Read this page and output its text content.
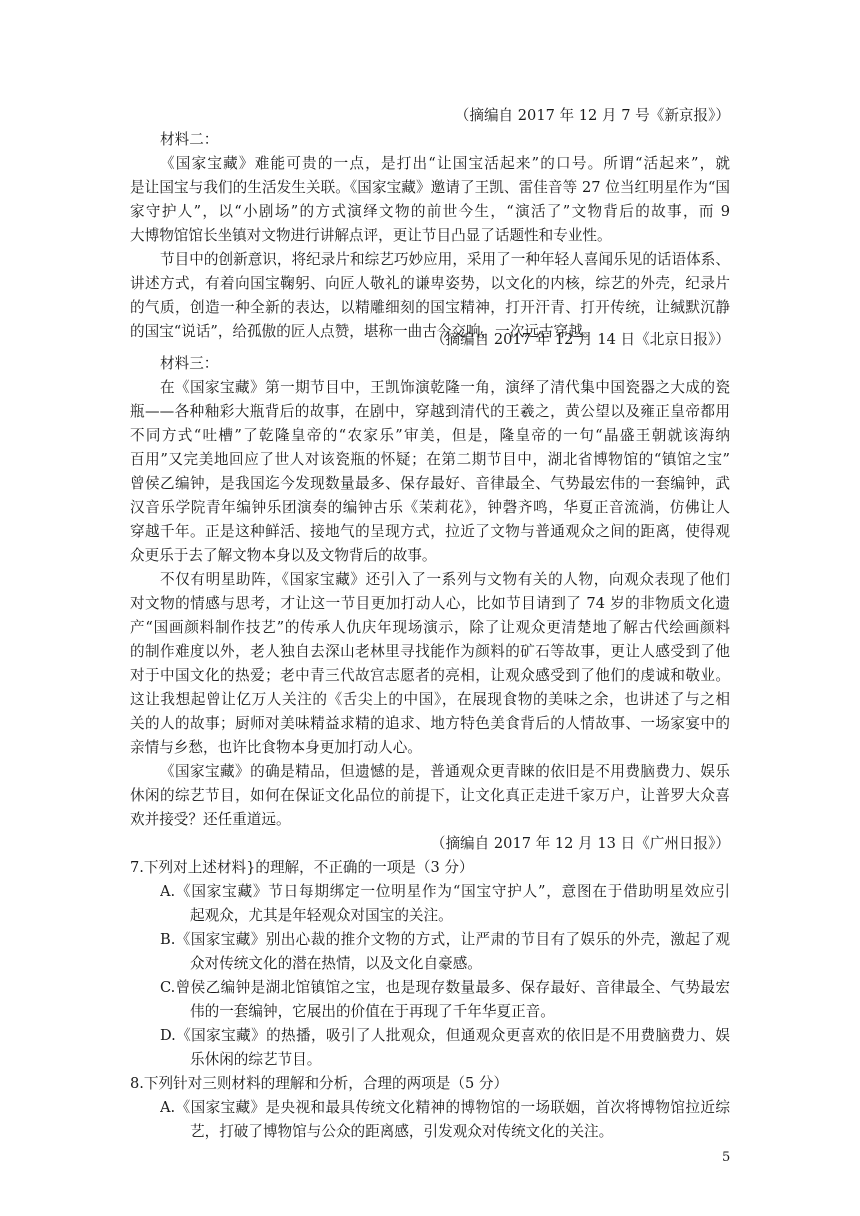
（摘编自 2017 年 12 月 7 号《新京报》）
材料二：
《国家宝藏》难能可贵的一点，是打出“让国宝活起来”的口号。所谓“活起来”，就
是让国宝与我们的生活发生关联。《国家宝藏》邀请了王凯、雷佳音等 27 位当红明星作为“国
家守护人”，以“小剧场”的方式演绎文物的前世今生，“演活了”文物背后的故事，而 9
大博物馆馆长坐镇对文物进行讲解点评，更让节目凸显了话题性和专业性。
节目中的创新意识，将纪录片和综艺巧妙应用，采用了一种年轻人喜闻乐见的话语体系、
讲述方式，有着向国宝鞠躬、向匠人敬礼的谦卑姿势，以文化的内核，综艺的外壳，纪录片
的气质，创造一种全新的表达，以精雕细刻的国宝精神，打开汗青、打开传统，让缄默沉静
的国宝“说话”，给孤傲的匠人点赞，堪称一曲古今交响，一次远古穿越。
（摘编自 2017 年 12 月 14 日《北京日报》）
材料三：
在《国家宝藏》第一期节目中，王凯饰演乾隆一角，演绎了清代集中国瓷器之大成的瓷
瓶——各种釉彩大瓶背后的故事，在剧中，穿越到清代的王羲之，黄公望以及雍正皇帝都用
不同方式“吐槽”了乾隆皇帝的“农家乐”审美，但是，隆皇帝的一句“晶盛王朝就该海纳
百用”又完美地回应了世人对该瓷瓶的怀疑；在第二期节目中，湖北省博物馆的“镇馆之宝”
曾侯乙编钟，是我国迄今发现数量最多、保存最好、音律最全、气势最宏伟的一套编钟，武
汉音乐学院青年编钟乐团演奏的编钟古乐《茉莉花》，钟磬齐鸣，华夏正音流淌，仿佛让人
穿越千年。正是这种鲜活、接地气的呈现方式，拉近了文物与普通观众之间的距离，使得观
众更乐于去了解文物本身以及文物背后的故事。
不仅有明星助阵，《国家宝藏》还引入了一系列与文物有关的人物，向观众表现了他们
对文物的情感与思考，才让这一节目更加打动人心，比如节目请到了 74 岁的非物质文化遗
产“国画颜料制作技艺”的传承人仇庆年现场演示，除了让观众更清楚地了解古代绘画颜料
的制作难度以外，老人独自去深山老林里寻找能作为颜料的矿石等故事，更让人感受到了他
对于中国文化的热爱；老中青三代故宫志愿者的亮相，让观众感受到了他们的虔诚和敬业。
这让我想起曾让亿万人关注的《舌尖上的中国》，在展现食物的美味之余，也讲述了与之相
关的人的故事；厨师对美味精益求精的追求、地方特色美食背后的人情故事、一场家宴中的
亲情与乡愁，也许比食物本身更加打动人心。
《国家宝藏》的确是精品，但遗憾的是，普通观众更青睐的依旧是不用费脑费力、娱乐
休闲的综艺节目，如何在保证文化品位的前提下，让文化真正走进千家万户，让普罗大众喜
欢并接受？还任重道远。
（摘编自 2017 年 12 月 13 日《广州日报》）
7.下列对上述材料}的理解，不正确的一项是（3 分）
A.《国家宝藏》节日每期绑定一位明星作为“国宝守护人”，意图在于借助明星效应引
起观众，尤其是年轻观众对国宝的关注。
B.《国家宝藏》别出心裁的推介文物的方式，让严肃的节目有了娱乐的外壳，激起了观
众对传统文化的潜在热情，以及文化自豪感。
C.曾侯乙编钟是湖北馆镇馆之宝，也是现存数量最多、保存最好、音律最全、气势最宏
伟的一套编钟，它展出的价值在于再现了千年华夏正音。
D.《国家宝藏》的热播，吸引了人批观众，但通观众更喜欢的依旧是不用费脑费力、娱
乐休闲的综艺节目。
8.下列针对三则材料的理解和分析，合理的两项是（5 分）
A.《国家宝藏》是央视和最具传统文化精神的博物馆的一场联姻，首次将博物馆拉近综
艺，打破了博物馆与公众的距离感，引发观众对传统文化的关注。
5
